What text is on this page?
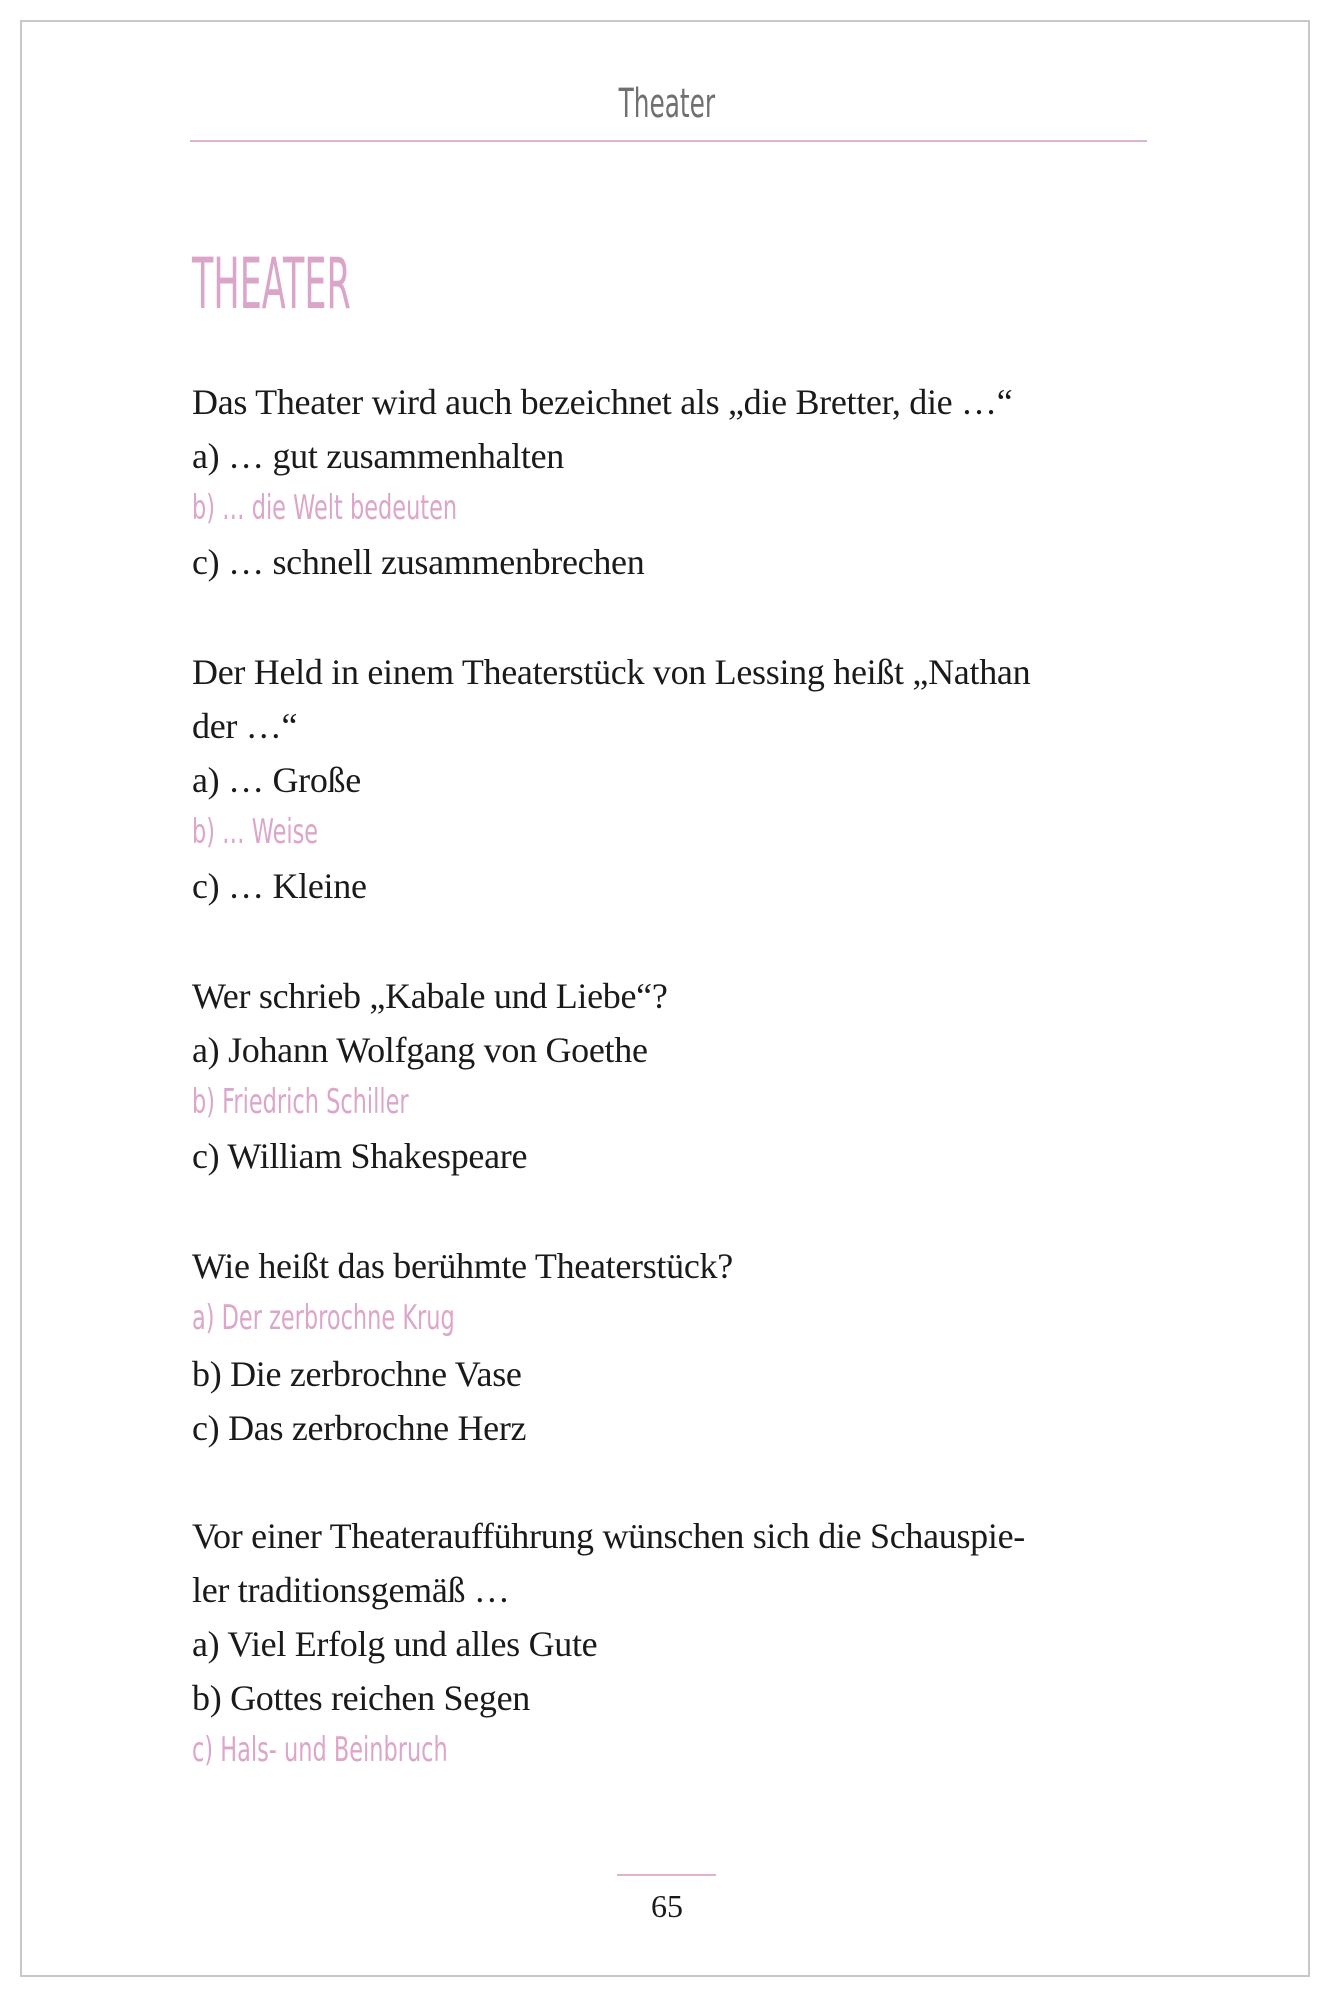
Theater
THEATER
Das Theater wird auch bezeichnet als „die Bretter, die …“
a) … gut zusammenhalten
b) … die Welt bedeuten
c) … schnell zusammenbrechen
Der Held in einem Theaterstück von Lessing heißt „Nathan
der …“
a) … Große
b) … Weise
c) … Kleine
Wer schrieb „Kabale und Liebe“?
a) Johann Wolfgang von Goethe
b) Friedrich Schiller
c) William Shakespeare
Wie heißt das berühmte Theaterstück?
a) Der zerbrochne Krug
b) Die zerbrochne Vase
c) Das zerbrochne Herz
Vor einer Theateraufführung wünschen sich die Schauspie-
ler traditionsgemäß …
a) Viel Erfolg und alles Gute
b) Gottes reichen Segen
c) Hals- und Beinbruch
65
